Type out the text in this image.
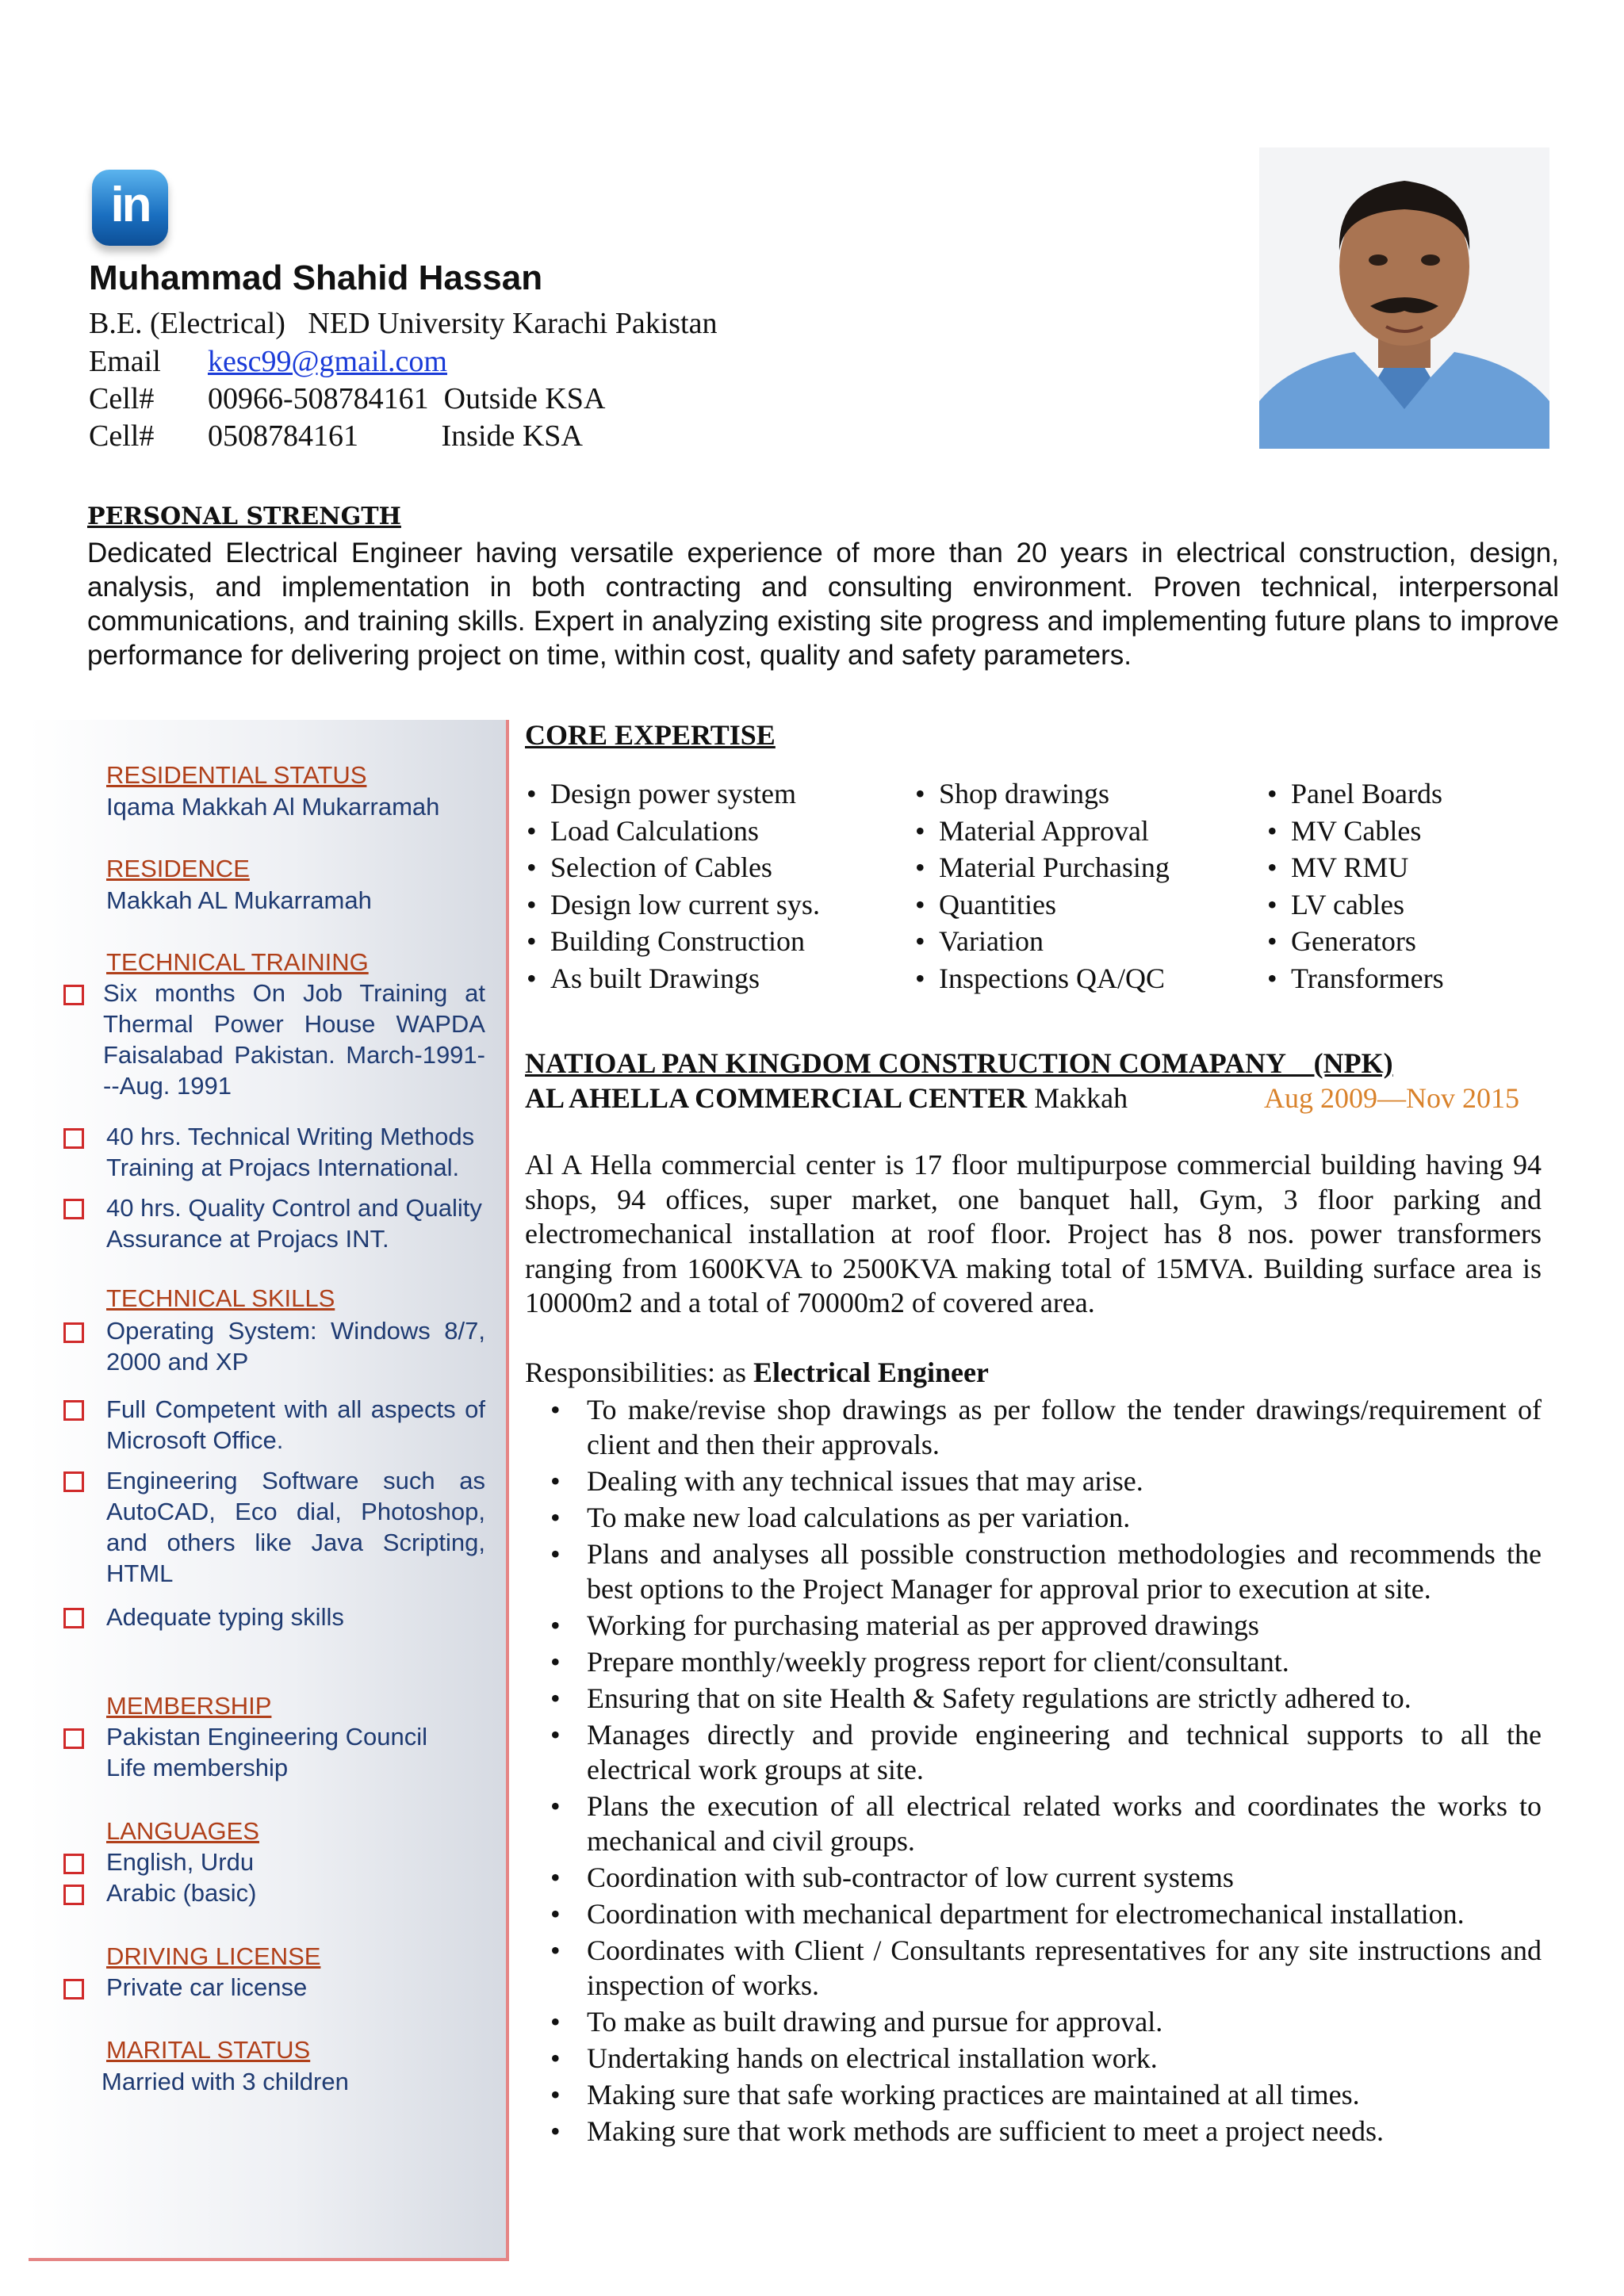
in
Muhammad Shahid Hassan
B.E. (Electrical)   NED University Karachi Pakistan
Email kesc99@gmail.com
Cell# 00966-508784161  Outside KSA
Cell# 0508784161           Inside KSA
PERSONAL STRENGTH
Dedicated Electrical Engineer having versatile experience of more than 20 years in electrical construction, design, analysis, and implementation in both contracting and consulting environment. Proven technical, interpersonal communications, and training skills. Expert in analyzing existing site progress and implementing future plans to improve performance for delivering project on time, within cost, quality and safety parameters.
RESIDENTIAL STATUS
Iqama Makkah Al Mukarramah
RESIDENCE
Makkah AL Mukarramah
TECHNICAL TRAINING
Six months On Job Training at Thermal Power House WAPDA Faisalabad Pakistan. March-1991---Aug. 1991
40 hrs. Technical Writing Methods Training at Projacs International.
40 hrs. Quality Control and Quality Assurance at Projacs INT.
TECHNICAL SKILLS
Operating System: Windows 8/7, 2000 and XP
Full Competent with all aspects of Microsoft Office.
Engineering Software such as AutoCAD, Eco dial, Photoshop, and others like Java Scripting, HTML
Adequate typing skills
MEMBERSHIP
Pakistan Engineering Council Life membership
LANGUAGES
English, Urdu
Arabic (basic)
DRIVING LICENSE
Private car license
MARITAL STATUS
Married with 3 children
CORE EXPERTISE
• Design power system
• Load Calculations
• Selection of Cables
• Design low current sys.
• Building Construction
• As built Drawings
• Shop drawings
• Material Approval
• Material Purchasing
• Quantities
• Variation
• Inspections QA/QC
• Panel Boards
• MV Cables
• MV RMU
• LV cables
• Generators
• Transformers
NATIOAL PAN KINGDOM CONSTRUCTION COMAPANY    (NPK)
AL AHELLA COMMERCIAL CENTER Makkah	Aug 2009—Nov 2015
Al A Hella commercial center is 17 floor multipurpose commercial building having 94 shops, 94 offices, super market, one banquet hall, Gym, 3 floor parking and electromechanical installation at roof floor. Project has 8 nos. power transformers ranging from 1600KVA to 2500KVA making total of 15MVA. Building surface area is 10000m2 and a total of 70000m2 of covered area.
Responsibilities: as Electrical Engineer
• To make/revise shop drawings as per follow the tender drawings/requirement of client and then their approvals.
• Dealing with any technical issues that may arise.
• To make new load calculations as per variation.
• Plans and analyses all possible construction methodologies and recommends the best options to the Project Manager for approval prior to execution at site.
• Working for purchasing material as per approved drawings
• Prepare monthly/weekly progress report for client/consultant.
• Ensuring that on site Health & Safety regulations are strictly adhered to.
• Manages directly and provide engineering and technical supports to all the electrical work groups at site.
• Plans the execution of all electrical related works and coordinates the works to mechanical and civil groups.
• Coordination with sub-contractor of low current systems
• Coordination with mechanical department for electromechanical installation.
• Coordinates with Client / Consultants representatives for any site instructions and inspection of works.
• To make as built drawing and pursue for approval.
• Undertaking hands on electrical installation work.
• Making sure that safe working practices are maintained at all times.
• Making sure that work methods are sufficient to meet a project needs.
